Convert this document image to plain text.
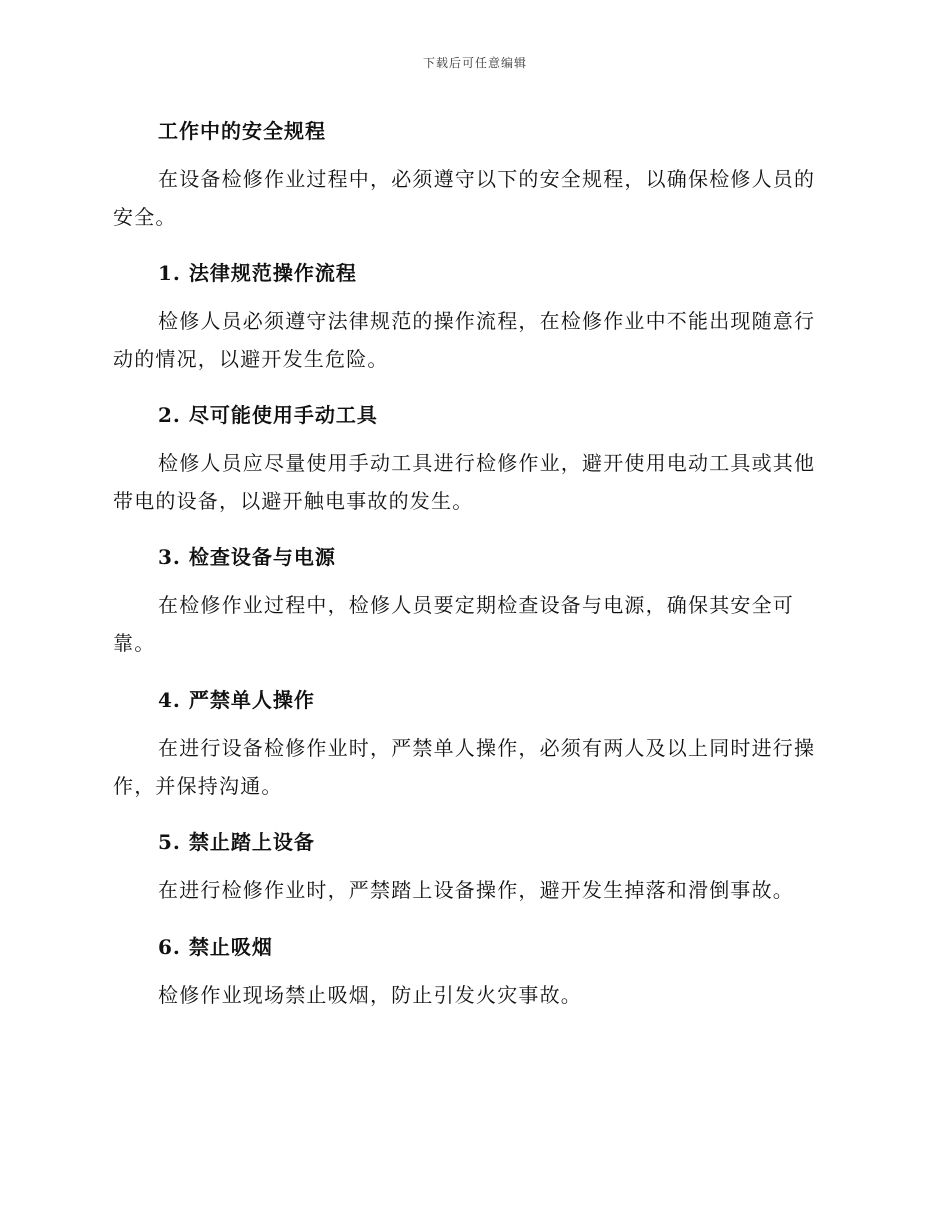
下载后可任意编辑
工作中的安全规程

在设备检修作业过程中，必须遵守以下的安全规程，以确保检修人员的安全。

1. 法律规范操作流程

检修人员必须遵守法律规范的操作流程，在检修作业中不能出现随意行动的情况，以避开发生危险。

2. 尽可能使用手动工具

检修人员应尽量使用手动工具进行检修作业，避开使用电动工具或其他带电的设备，以避开触电事故的发生。

3. 检查设备与电源

在检修作业过程中，检修人员要定期检查设备与电源，确保其安全可靠。

4. 严禁单人操作

在进行设备检修作业时，严禁单人操作，必须有两人及以上同时进行操作，并保持沟通。

5. 禁止踏上设备

在进行检修作业时，严禁踏上设备操作，避开发生掉落和滑倒事故。

6. 禁止吸烟

检修作业现场禁止吸烟，防止引发火灾事故。
